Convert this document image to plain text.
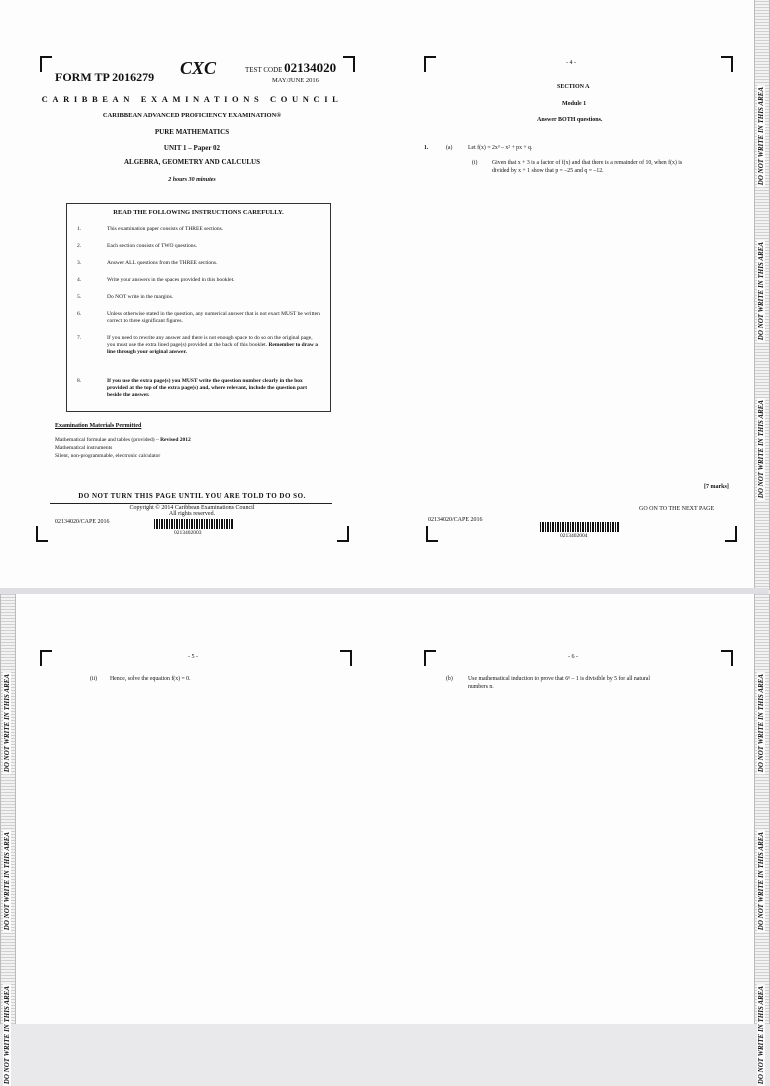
FORM TP 2016279 CXC	TEST CODE 02134020
MAY/JUNE 2016
CARIBBEAN EXAMINATIONS COUNCIL
CARIBBEAN ADVANCED PROFICIENCY EXAMINATION®
PURE MATHEMATICS
UNIT 1 – Paper 02
ALGEBRA, GEOMETRY AND CALCULUS
2 hours 30 minutes
READ THE FOLLOWING INSTRUCTIONS CAREFULLY.
1.	This examination paper consists of THREE sections.
2.	Each section consists of TWO questions.
3.	Answer ALL questions from the THREE sections.
4.	Write your answers in the spaces provided in this booklet.
5.	Do NOT write in the margins.
6.	Unless otherwise stated in the question, any numerical answer that is not exact MUST be written correct to three significant figures.
7.	If you need to rewrite any answer and there is not enough space to do so on the original page, you must use the extra lined page(s) provided at the back of this booklet. Remember to draw a line through your original answer.
8.	If you use the extra page(s) you MUST write the question number clearly in the box provided at the top of the extra page(s) and, where relevant, include the question part beside the answer.
Examination Materials Permitted
Mathematical formulae and tables (provided) – Revised 2012
Mathematical instruments
Silent, non-programmable, electronic calculator
DO NOT TURN THIS PAGE UNTIL YOU ARE TOLD TO DO SO.
Copyright © 2014 Caribbean Examinations Council
All rights reserved.
02134020/CAPE 2016
0213402003
- 4 -
SECTION A
Module 1
Answer BOTH questions.
1.	(a)	Let f(x) = 2x³ – x² + px + q.
(i)	Given that x + 3 is a factor of f(x) and that there is a remainder of 10, when f(x) is
divided by x + 1 show that p = –25 and q = –12.
[7 marks]
GO ON TO THE NEXT PAGE
02134020/CAPE 2016
0213402004
DO NOT WRITE IN THIS AREA
DO NOT WRITE IN THIS AREA
DO NOT WRITE IN THIS AREA
DO NOT WRITE IN THIS AREA
DO NOT WRITE IN THIS AREA
DO NOT WRITE IN THIS AREA
- 5 -
(ii) Hence, solve the equation f(x) = 0.
- 6 -
(b)	Use mathematical induction to prove that 6ⁿ – 1 is divisible by 5 for all natural
numbers n.	DO NOT WRITE IN THIS AREA
DO NOT WRITE IN THIS AREA
DO NOT WRITE IN THIS AREA
